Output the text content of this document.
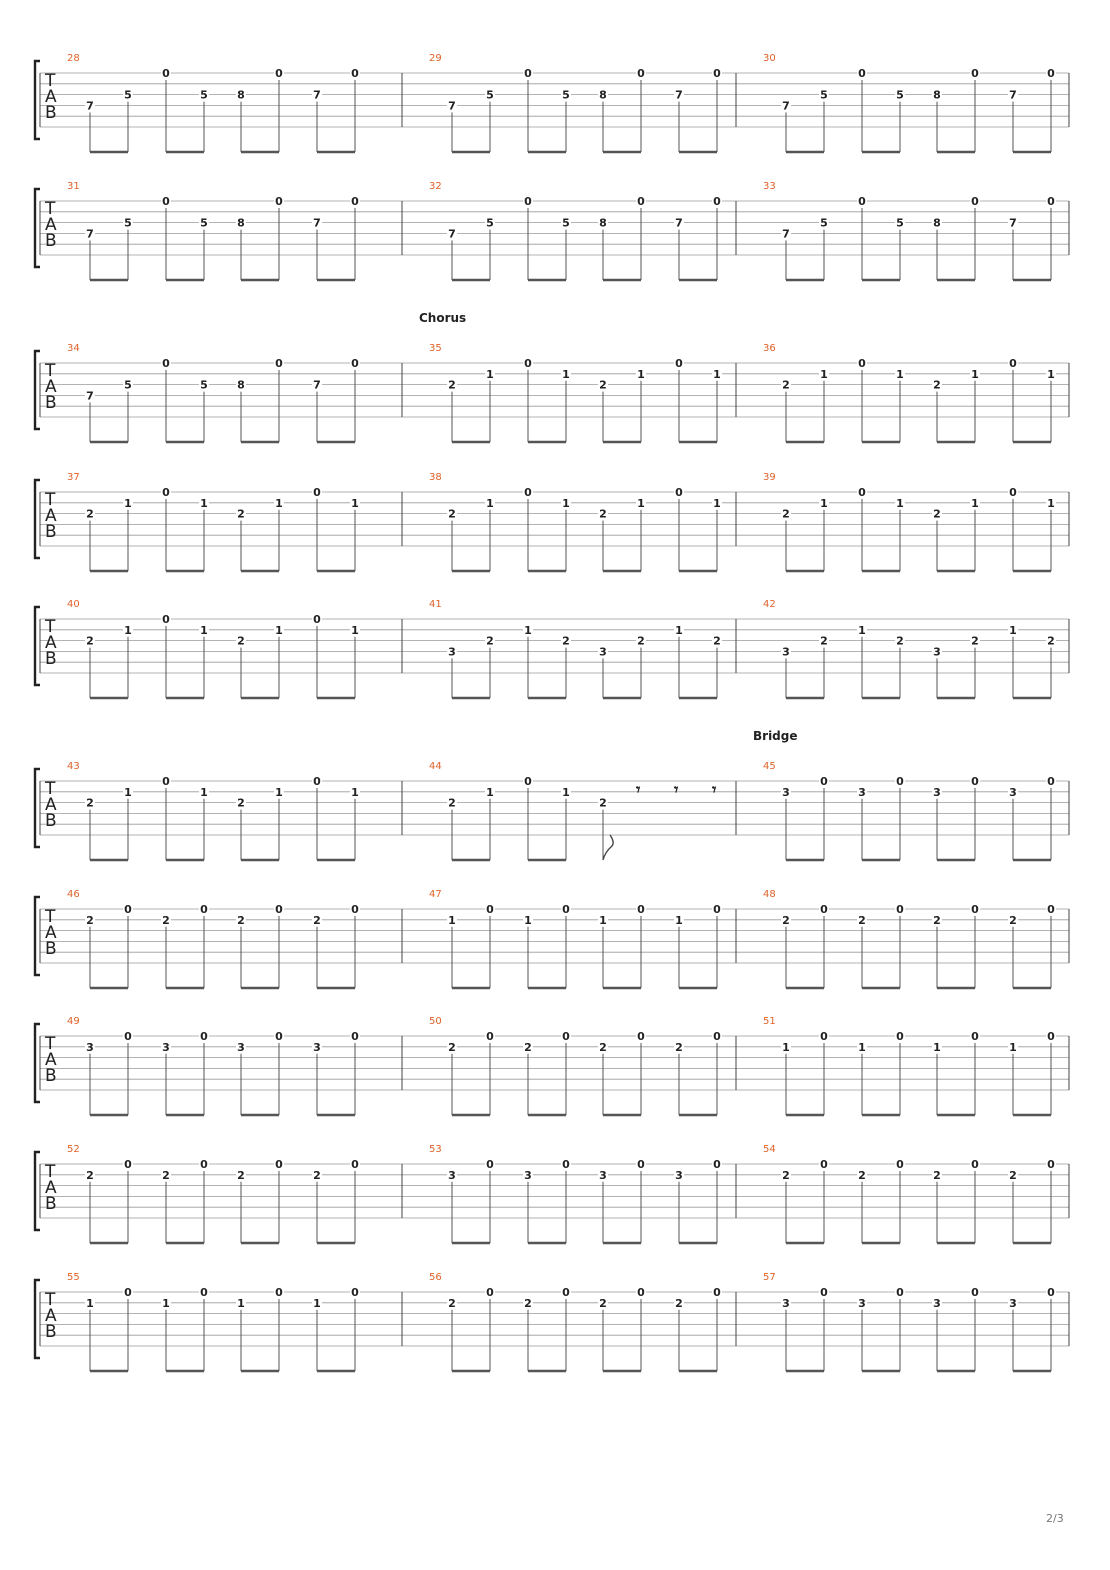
T
A
B
28
7
5
0
5	8
0
7
0
29
7
5
0
5	8
0
7
0
30
7
5
0
5	8
0
7
0
T
A
B
31
7
5
0
5	8
0
7
0
32
7
5
0
5	8
0
7
0
33
7
5
0
5	8
0
7
0
T
A
B
34
7
5
0
5	8
0
7
0
35
Chorus
2
1
0
1
2
1
0
1
36
2
1
0
1
2
1
0
1
T
A
B
37
2
1
0
1
2
1
0
1
38
2
1
0
1
2
1
0
1
39
2
1
0
1
2
1
0
1
T
A
B
40
2
1
0
1
2
1
0
1
41
3
2
1
2
3
2
1
2
42
3
2
1
2
3
2
1
2
T
A
B
43
2
1
0
1
2
1
0
1
44
2
1
0
1
2
𝄾 𝄾 𝄾
45
Bridge
3
0
3
0
3
0
3
0
T
A
B
46
2
0
2
0
2
0
2
0
47
1
0
1
0
1
0
1
0
48
2
0
2
0
2
0
2
0
T
A
B
49
3
0
3
0
3
0
3
0
50
2
0
2
0
2
0
2
0
51
1
0
1
0
1
0
1
0
T
A
B
52
2
0
2
0
2
0
2
0
53
3
0
3
0
3
0
3
0
54
2
0
2
0
2
0
2
0
T
A
B
55
1
0
1
0
1
0
1
0
56
2
0
2
0
2
0
2
0
57
3
0
3
0
3
0
3
0
2/3
